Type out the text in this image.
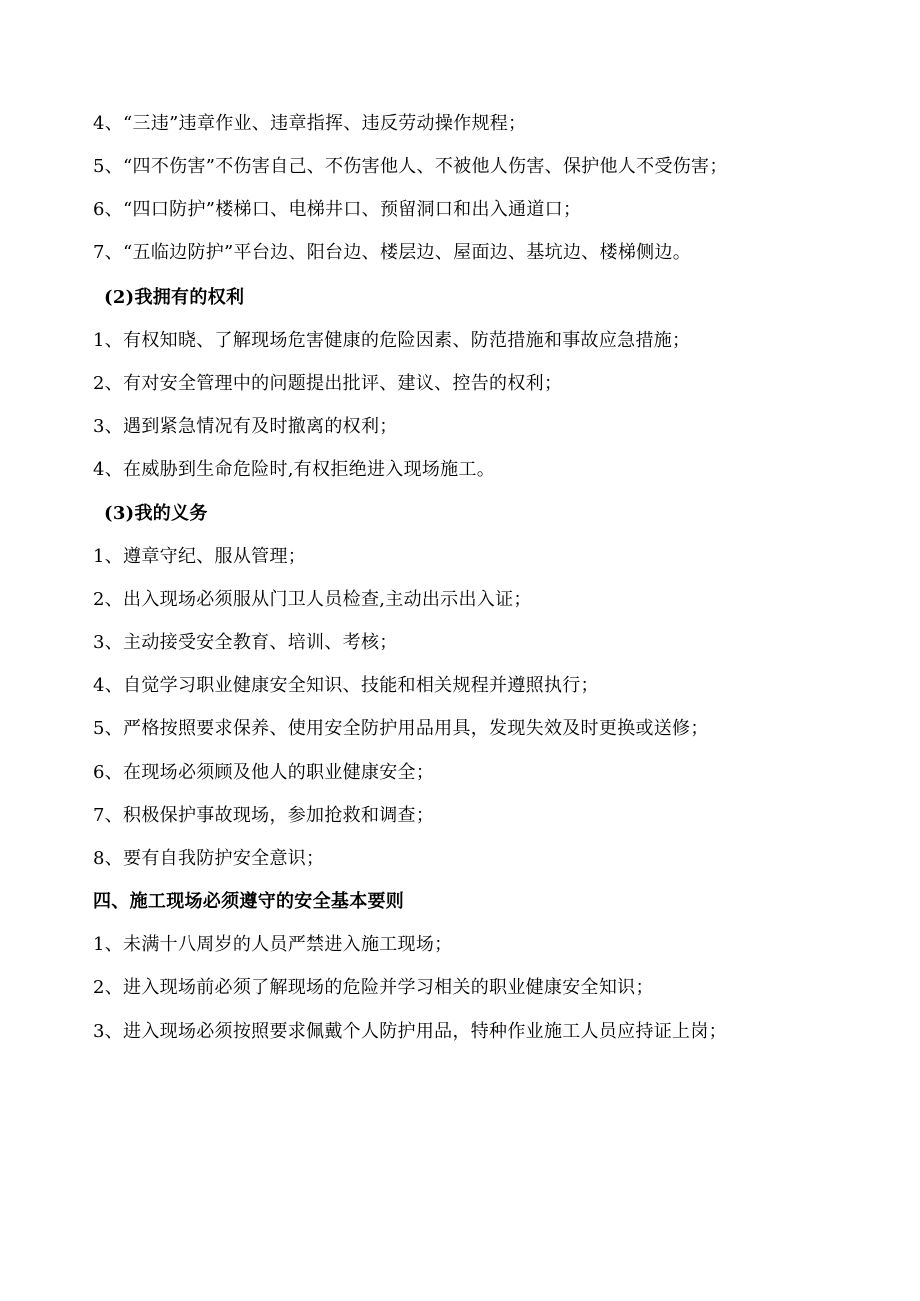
4、“三违”违章作业、违章指挥、违反劳动操作规程；
5、“四不伤害”不伤害自己、不伤害他人、不被他人伤害、保护他人不受伤害；
6、“四口防护”楼梯口、电梯井口、预留洞口和出入通道口；
7、“五临边防护”平台边、阳台边、楼层边、屋面边、基坑边、楼梯侧边。
(2)我拥有的权利
1、有权知晓、了解现场危害健康的危险因素、防范措施和事故应急措施；
2、有对安全管理中的问题提出批评、建议、控告的权利；
3、遇到紧急情况有及时撤离的权利；
4、在威胁到生命危险时,有权拒绝进入现场施工。
(3)我的义务
1、遵章守纪、服从管理；
2、出入现场必须服从门卫人员检查,主动出示出入证；
3、主动接受安全教育、培训、考核；
4、自觉学习职业健康安全知识、技能和相关规程并遵照执行；
5、严格按照要求保养、使用安全防护用品用具，发现失效及时更换或送修；
6、在现场必须顾及他人的职业健康安全；
7、积极保护事故现场，参加抢救和调查；
8、要有自我防护安全意识；
四、施工现场必须遵守的安全基本要则
1、未满十八周岁的人员严禁进入施工现场；
2、进入现场前必须了解现场的危险并学习相关的职业健康安全知识；
3、进入现场必须按照要求佩戴个人防护用品，特种作业施工人员应持证上岗；
